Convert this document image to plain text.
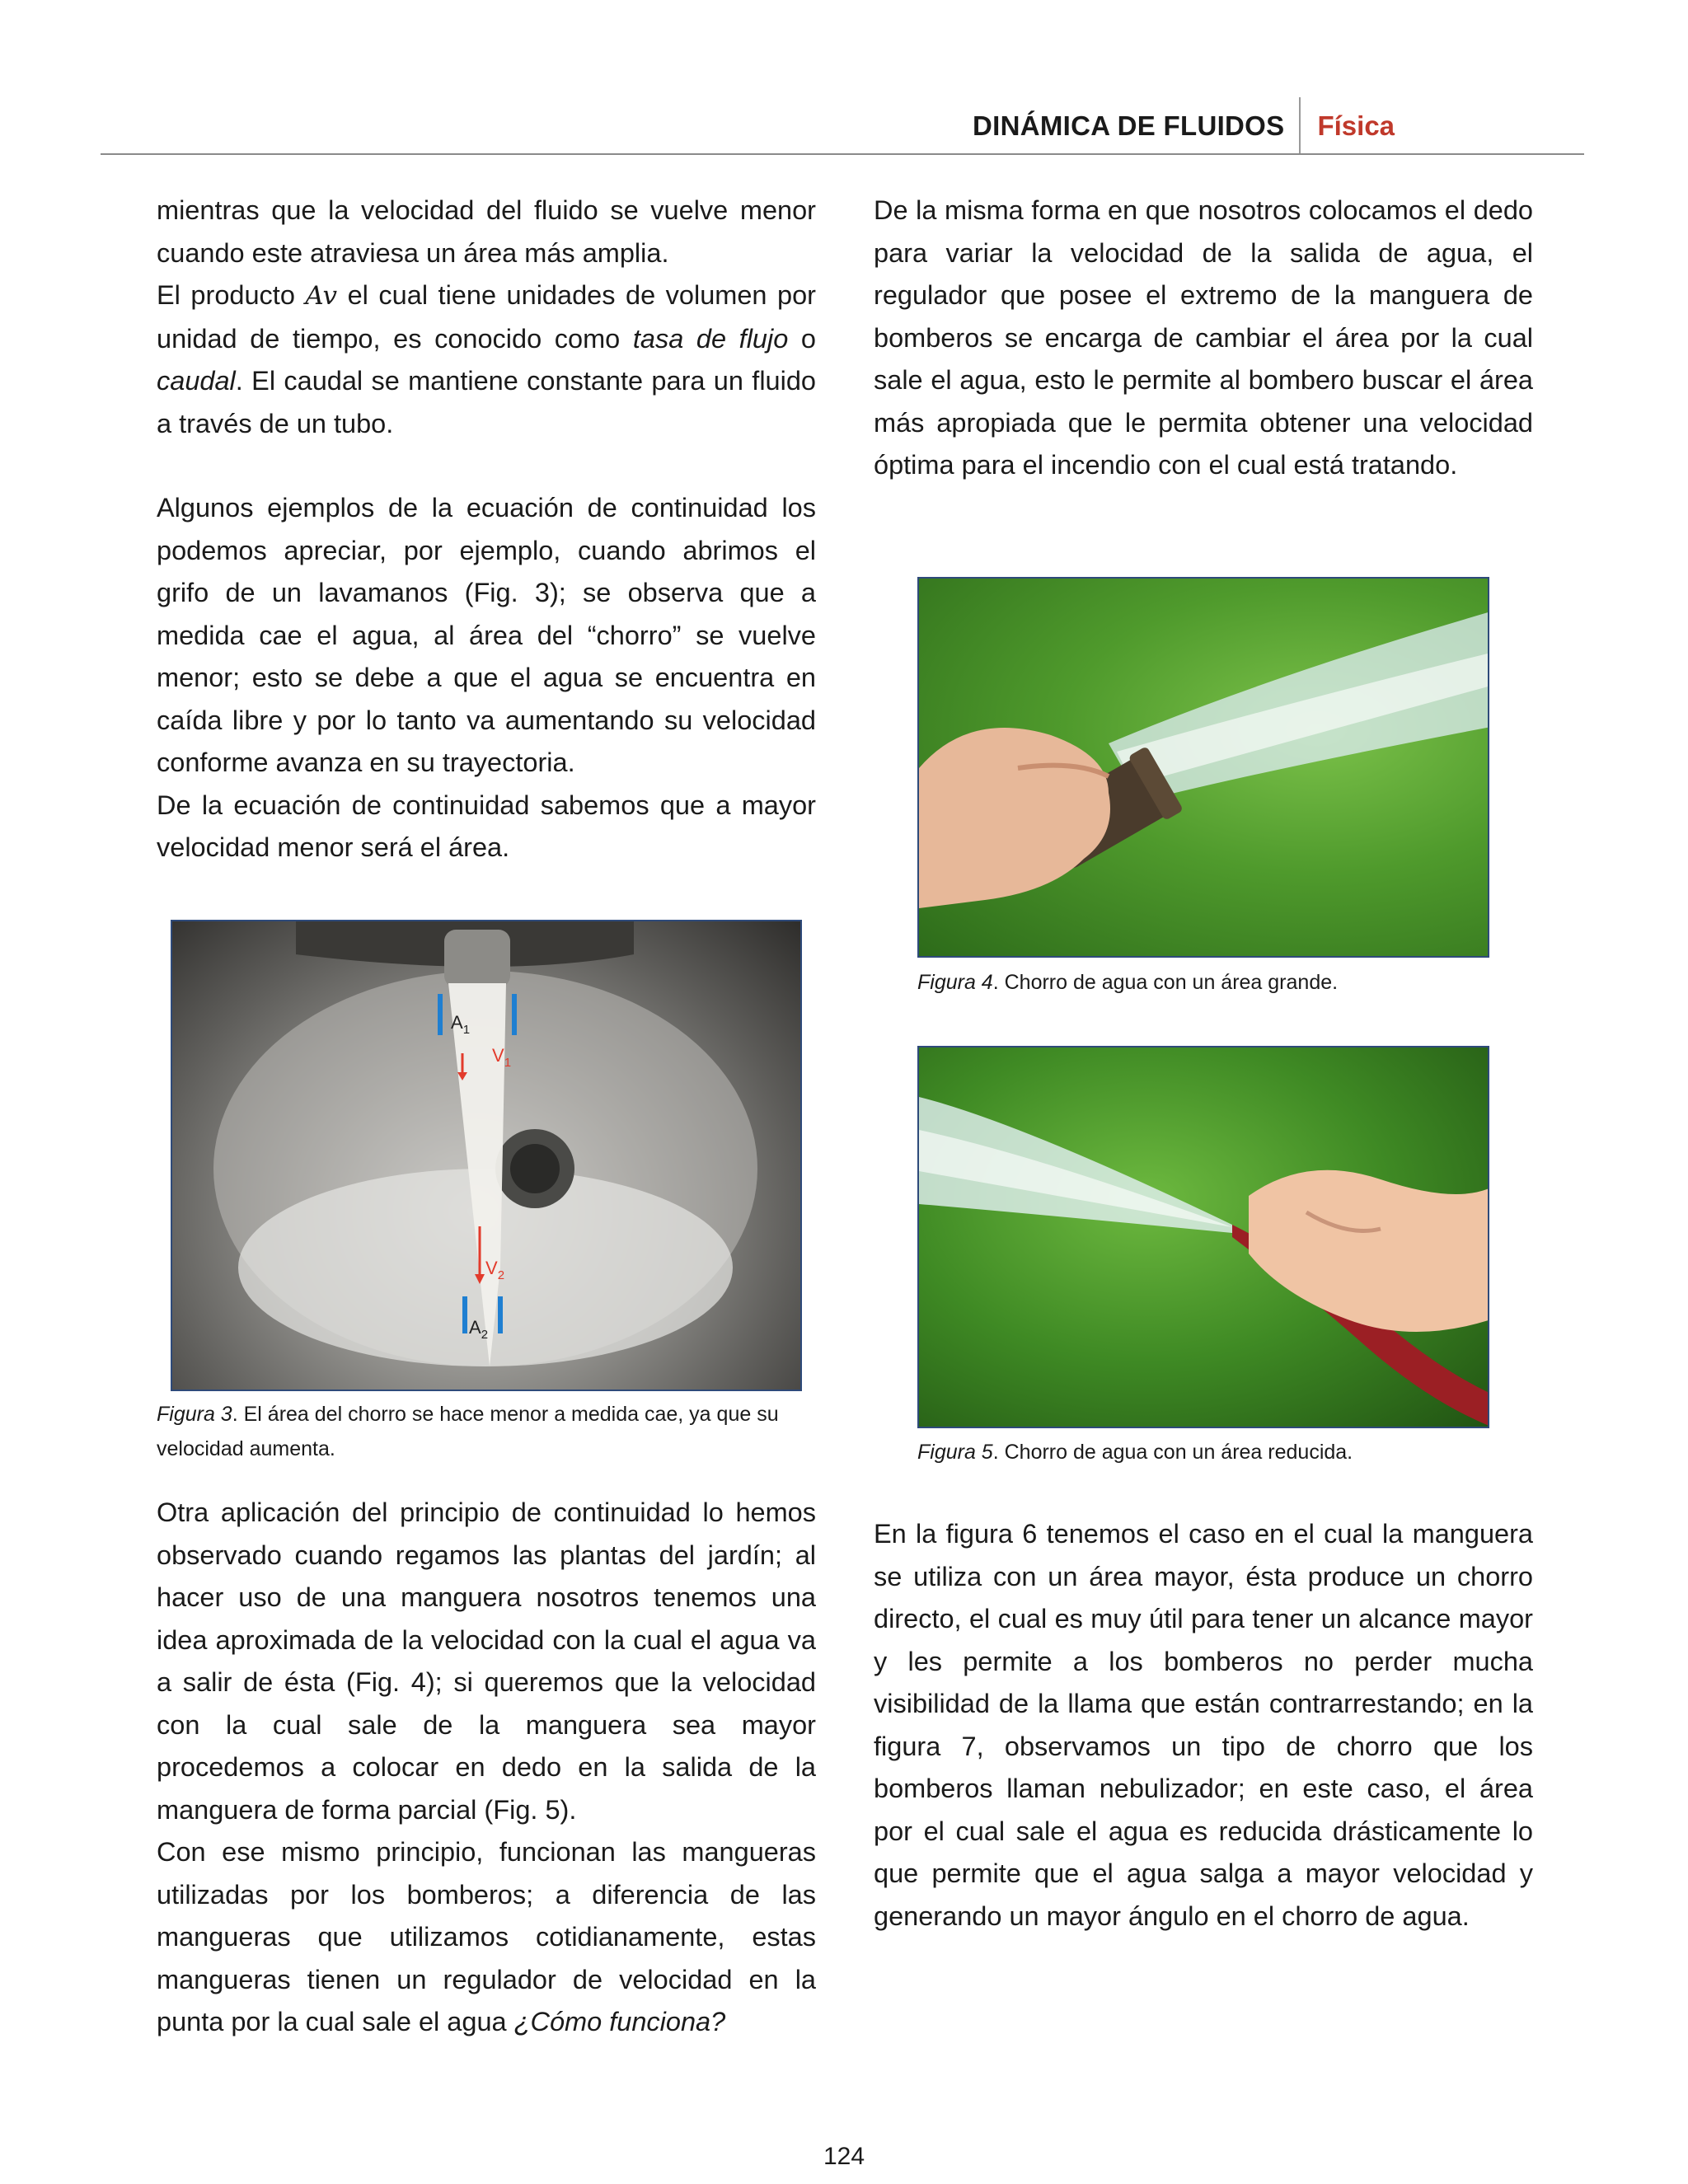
DINÁMICA DE FLUIDOS Física

mientras que la velocidad del fluido se vuelve menor cuando este atraviesa un área más amplia.

El producto Av el cual tiene unidades de volumen por unidad de tiempo, es conocido como tasa de flujo o caudal. El caudal se mantiene constante para un fluido a través de un tubo.

Algunos ejemplos de la ecuación de continuidad los podemos apreciar, por ejemplo, cuando abrimos el grifo de un lavamanos (Fig. 3); se observa que a medida cae el agua, al área del “chorro” se vuelve menor; esto se debe a que el agua se encuentra en caída libre y por lo tanto va aumentando su velocidad conforme avanza en su trayectoria.

De la ecuación de continuidad sabemos que a mayor velocidad menor será el área.

$A_1$
$V_1$
$V_2$
$A_2$

Figura 3. El área del chorro se hace menor a medida cae, ya que su velocidad aumenta.

Otra aplicación del principio de continuidad lo hemos observado cuando regamos las plantas del jardín; al hacer uso de una manguera nosotros tenemos una idea aproximada de la velocidad con la cual el agua va a salir de ésta (Fig. 4); si queremos que la velocidad con la cual sale de la manguera sea mayor procedemos a colocar en dedo en la salida de la manguera de forma parcial (Fig. 5).

Con ese mismo principio, funcionan las mangueras utilizadas por los bomberos; a diferencia de las mangueras que utilizamos cotidianamente, estas mangueras tienen un regulador de velocidad en la punta por la cual sale el agua ¿Cómo funciona?

De la misma forma en que nosotros colocamos el dedo para variar la velocidad de la salida de agua, el regulador que posee el extremo de la manguera de bomberos se encarga de cambiar el área por la cual sale el agua, esto le permite al bombero buscar el área más apropiada que le permita obtener una velocidad óptima para el incendio con el cual está tratando.

Figura 4. Chorro de agua con un área grande.

Figura 5. Chorro de agua con un área reducida.

En la figura 6 tenemos el caso en el cual la manguera se utiliza con un área mayor, ésta produce un chorro directo, el cual es muy útil para tener un alcance mayor y les permite a los bomberos no perder mucha visibilidad de la llama que están contrarrestando; en la figura 7, observamos un tipo de chorro que los bomberos llaman nebulizador; en este caso, el área por el cual sale el agua es reducida drásticamente lo que permite que el agua salga a mayor velocidad y generando un mayor ángulo en el chorro de agua.

124
